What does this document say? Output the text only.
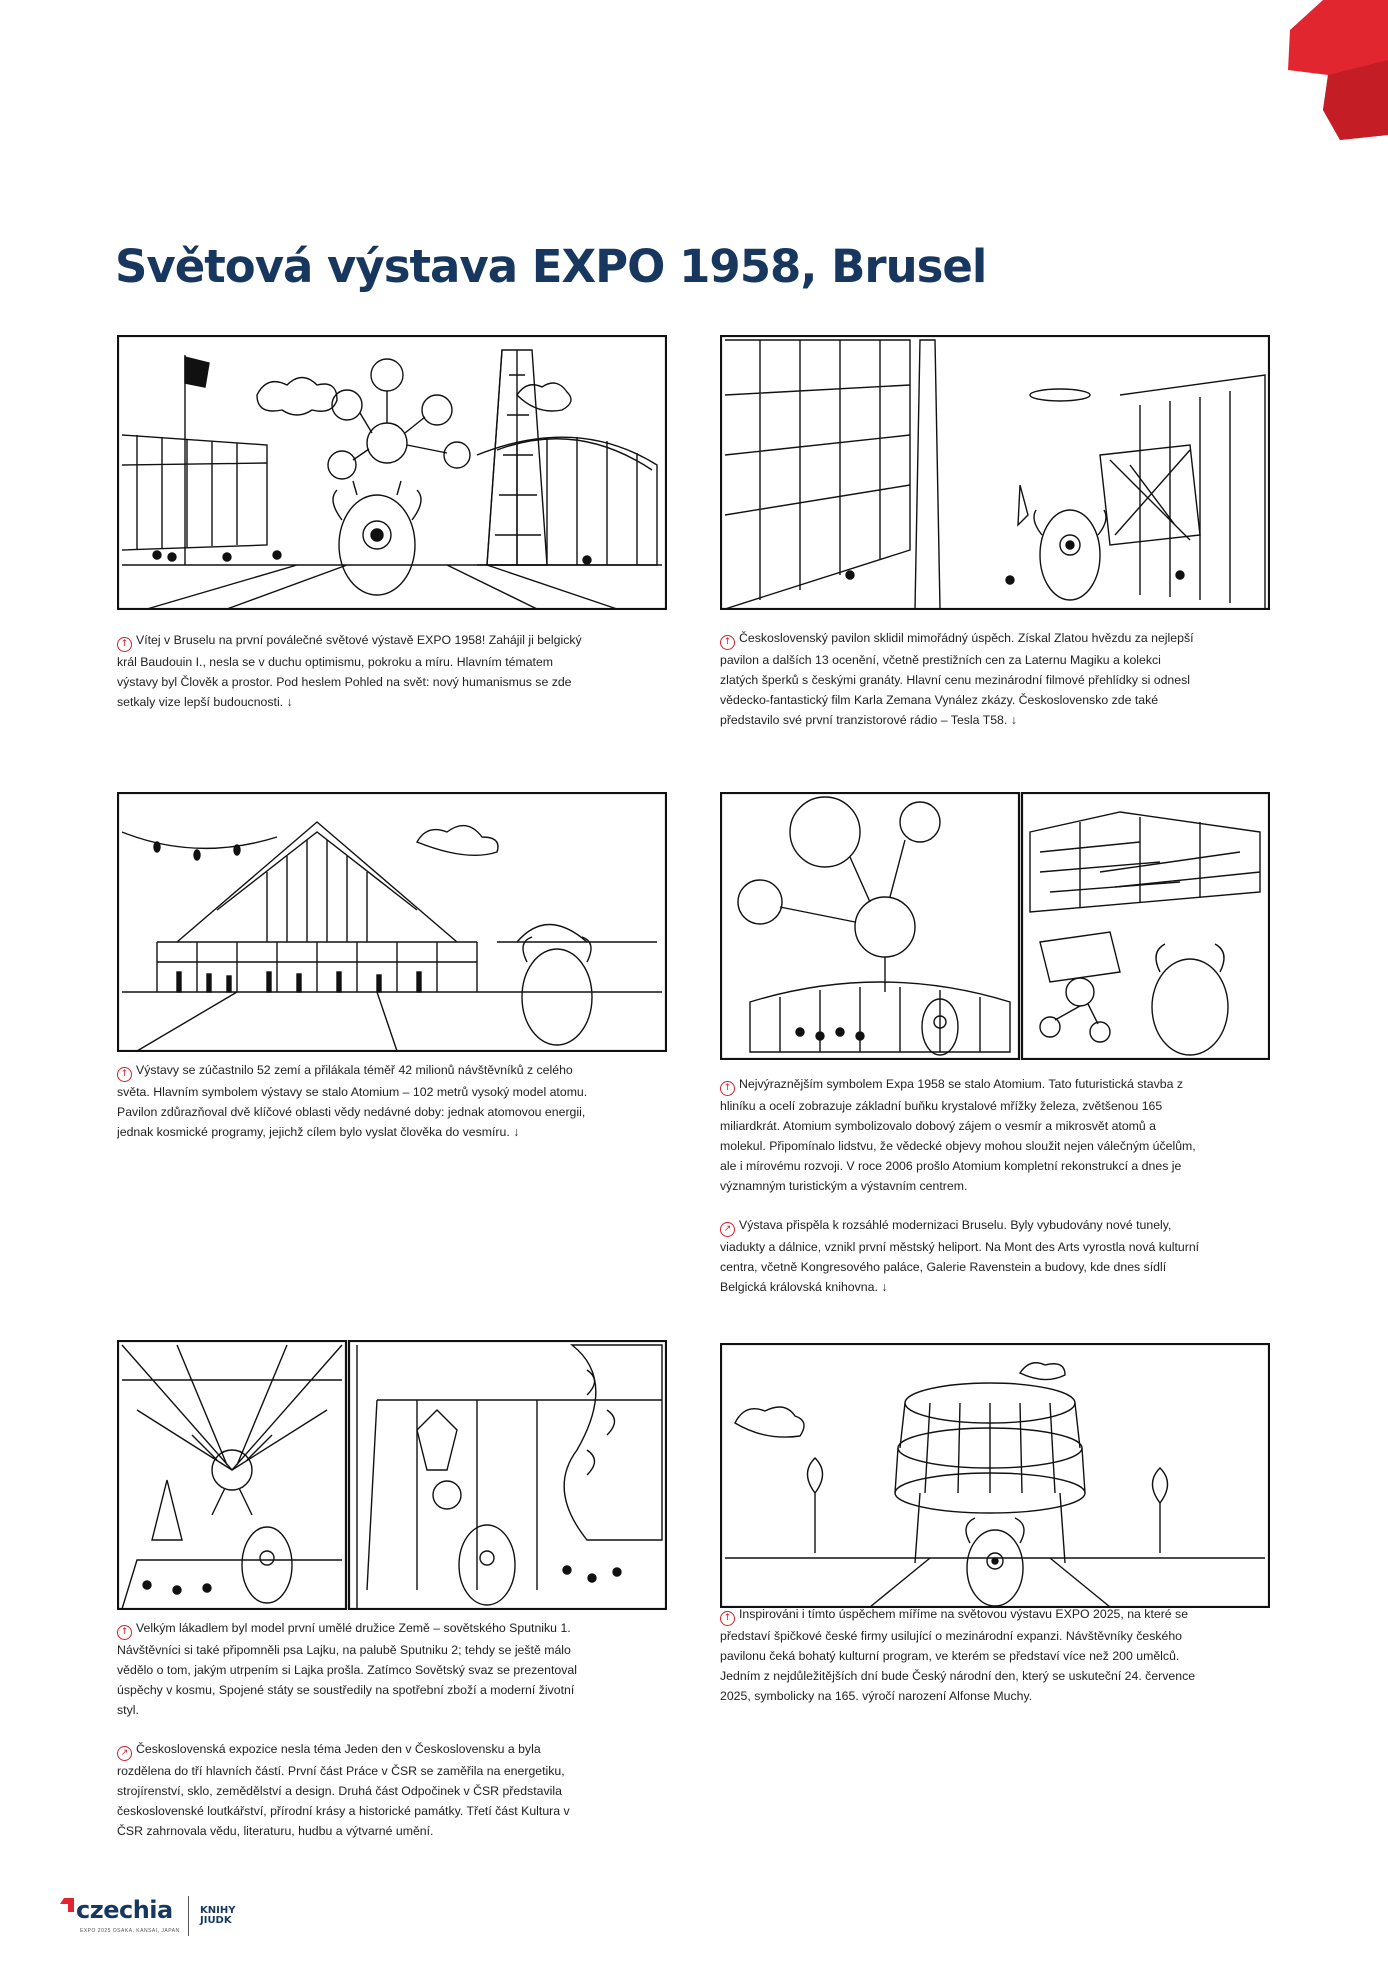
Světová výstava EXPO 1958, Brusel

↑ Vítej v Bruselu na první poválečné světové výstavě EXPO 1958! Zahájil ji belgický král Baudouin I., nesla se v duchu optimismu, pokroku a míru. Hlavním tématem výstavy byl Člověk a prostor. Pod heslem Pohled na svět: nový humanismus se zde setkaly vize lepší budoucnosti. ↓

↑ Československý pavilon sklidil mimořádný úspěch. Získal Zlatou hvězdu za nejlepší pavilon a dalších 13 ocenění, včetně prestižních cen za Laternu Magiku a kolekci zlatých šperků s českými granáty. Hlavní cenu mezinárodní filmové přehlídky si odnesl vědecko-fantastický film Karla Zemana Vynález zkázy. Československo zde také představilo své první tranzistorové rádio – Tesla T58. ↓

↑ Výstavy se zúčastnilo 52 zemí a přilákala téměř 42 milionů návštěvníků z celého světa. Hlavním symbolem výstavy se stalo Atomium – 102 metrů vysoký model atomu. Pavilon zdůrazňoval dvě klíčové oblasti vědy nedávné doby: jednak atomovou energii, jednak kosmické programy, jejichž cílem bylo vyslat člověka do vesmíru. ↓

↑ Nejvýraznějším symbolem Expa 1958 se stalo Atomium. Tato futuristická stavba z hliníku a ocelí zobrazuje základní buňku krystalové mřížky železa, zvětšenou 165 miliardkrát. Atomium symbolizovalo dobový zájem o vesmír a mikrosvět atomů a molekul. Připomínalo lidstvu, že vědecké objevy mohou sloužit nejen válečným účelům, ale i mírovému rozvoji. V roce 2006 prošlo Atomium kompletní rekonstrukcí a dnes je významným turistickým a výstavním centrem.

↗ Výstava přispěla k rozsáhlé modernizaci Bruselu. Byly vybudovány nové tunely, viadukty a dálnice, vznikl první městský heliport. Na Mont des Arts vyrostla nová kulturní centra, včetně Kongresového paláce, Galerie Ravenstein a budovy, kde dnes sídlí Belgická královská knihovna. ↓

↑ Velkým lákadlem byl model první umělé družice Země – sovětského Sputniku 1. Návštěvníci si také připomněli psa Lajku, na palubě Sputniku 2; tehdy se ještě málo vědělo o tom, jakým utrpením si Lajka prošla. Zatímco Sovětský svaz se prezentoval úspěchy v kosmu, Spojené státy se soustředily na spotřební zboží a moderní životní styl.

↗ Československá expozice nesla téma Jeden den v Československu a byla rozdělena do tří hlavních částí. První část Práce v ČSR se zaměřila na energetiku, strojírenství, sklo, zemědělství a design. Druhá část Odpočinek v ČSR představila československé loutkářství, přírodní krásy a historické památky. Třetí část Kultura v ČSR zahrnovala vědu, literaturu, hudbu a výtvarné umění.

↑ Inspirováni i tímto úspěchem míříme na světovou výstavu EXPO 2025, na které se představí špičkové české firmy usilující o mezinárodní expanzi. Návštěvníky českého pavilonu čeká bohatý kulturní program, ve kterém se představí více než 200 umělců. Jedním z nejdůležitějších dní bude Český národní den, který se uskuteční 24. července 2025, symbolicky na 165. výročí narození Alfonse Muchy.

czechia
EXPO 2025 OSAKA, KANSAI, JAPAN
KNIHY
JIUDK
